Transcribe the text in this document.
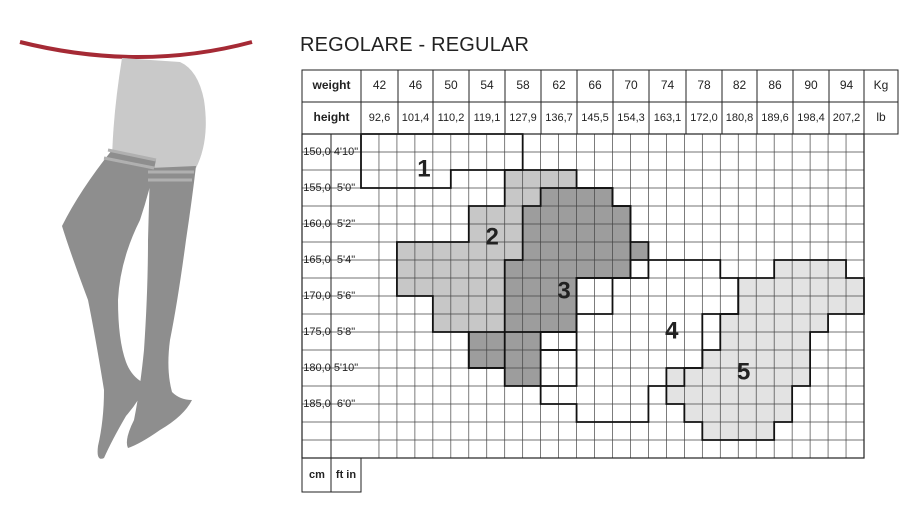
REGOLARE - REGULAR
1
2
3
4
5
weight
height
42 46 50 54 58 62 66 70 74 78 82 86 90 94
92,6 101,4 110,2 119,1 127,9 136,7 145,5 154,3 163,1 172,0 180,8 189,6 198,4 207,2
Kg
lb
150,0 4'10"
155,0 5'0"
160,0 5'2"
165,0 5'4"
170,0 5'6"
175,0 5'8"
180,0 5'10"
185,0 6'0"
cm ft in
